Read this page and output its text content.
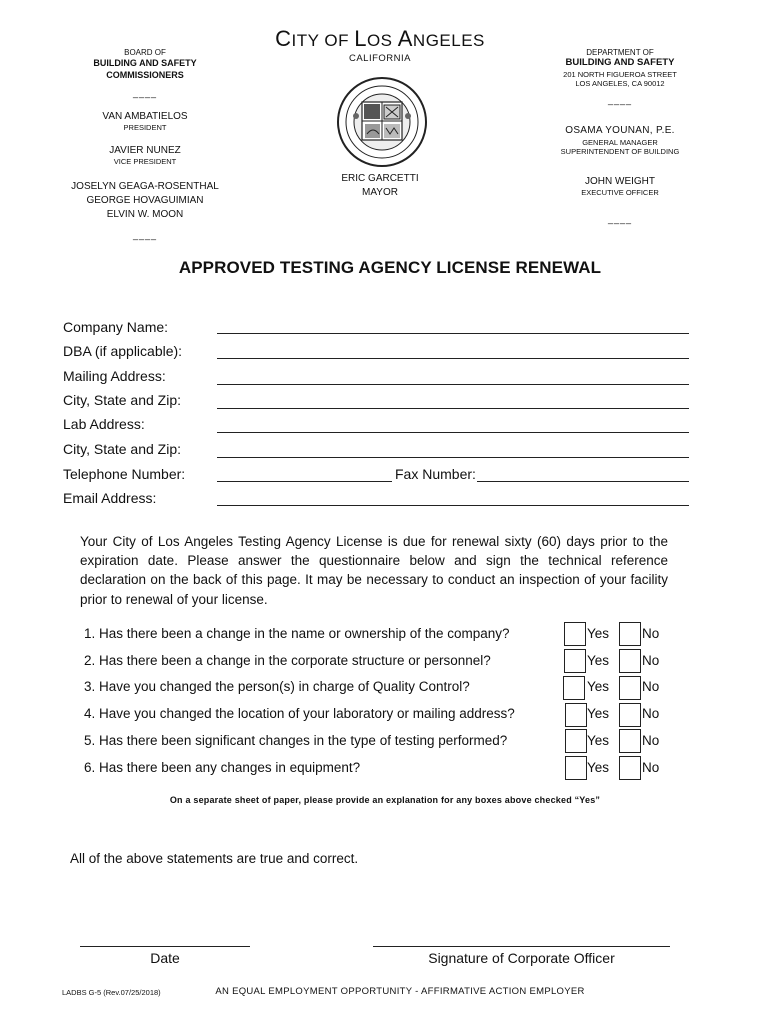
CITY OF LOS ANGELES
CALIFORNIA
BOARD OF
BUILDING AND SAFETY
COMMISSIONERS
____
VAN AMBATIELOS
PRESIDENT
JAVIER NUNEZ
VICE PRESIDENT
JOSELYN GEAGA-ROSENTHAL
GEORGE HOVAGUIMIAN
ELVIN W. MOON
____
ERIC GARCETTI
MAYOR
DEPARTMENT OF
BUILDING AND SAFETY
201 NORTH FIGUEROA STREET
LOS ANGELES, CA 90012
____
OSAMA YOUNAN, P.E.
GENERAL MANAGER
SUPERINTENDENT OF BUILDING
JOHN WEIGHT
EXECUTIVE OFFICER
____
APPROVED TESTING AGENCY LICENSE RENEWAL
Company Name:
DBA (if applicable):
Mailing Address:
City, State and Zip:
Lab Address:
City, State and Zip:
Telephone Number:	Fax Number:
Email Address:
Your City of Los Angeles Testing Agency License is due for renewal sixty (60) days prior to the expiration date. Please answer the questionnaire below and sign the technical reference declaration on the back of this page. It may be necessary to conduct an inspection of your facility prior to renewal of your license.
1. Has there been a change in the name or ownership of the company?	Yes No
2. Has there been a change in the corporate structure or personnel?	Yes No
3. Have you changed the person(s) in charge of Quality Control?	Yes No
4. Have you changed the location of your laboratory or mailing address?	Yes No
5. Has there been significant changes in the type of testing performed?	Yes No
6. Has there been any changes in equipment?	Yes No
On a separate sheet of paper, please provide an explanation for any boxes above checked “Yes”
All of the above statements are true and correct.
Date	Signature of Corporate Officer
LADBS G-5 (Rev.07/25/2018)	AN EQUAL EMPLOYMENT OPPORTUNITY - AFFIRMATIVE ACTION EMPLOYER
